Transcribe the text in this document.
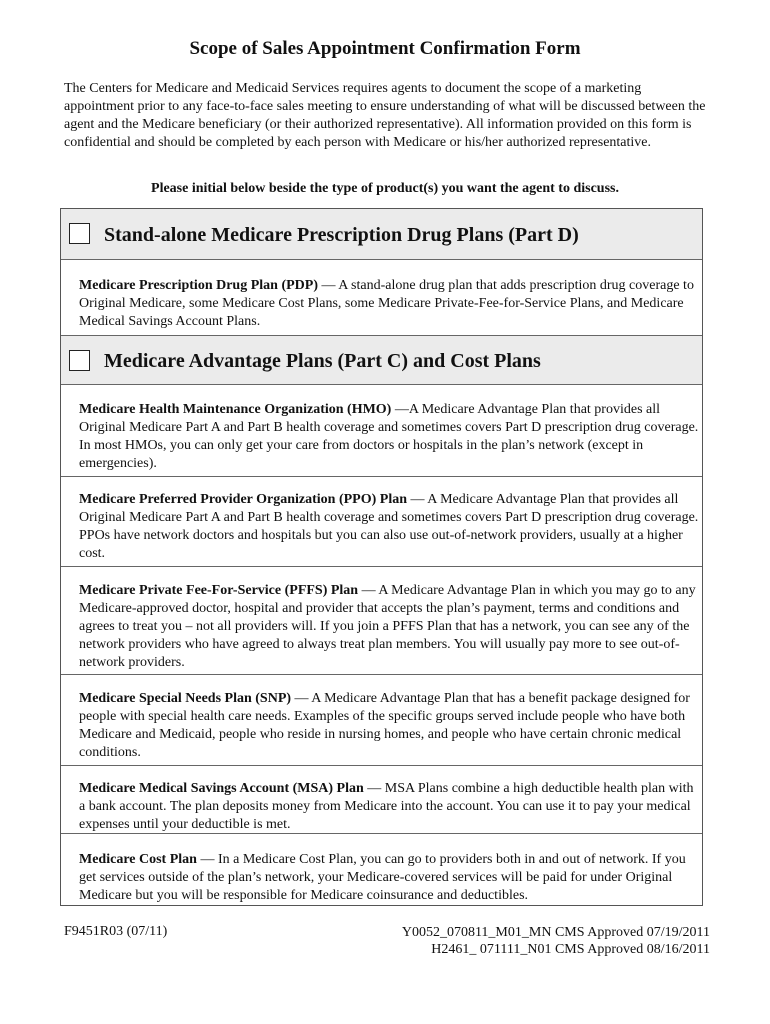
Scope of Sales Appointment Confirmation Form
The Centers for Medicare and Medicaid Services requires agents to document the scope of a marketing appointment prior to any face-to-face sales meeting to ensure understanding of what will be discussed between the agent and the Medicare beneficiary (or their authorized representative). All information provided on this form is confidential and should be completed by each person with Medicare or his/her authorized representative.
Please initial below beside the type of product(s) you want the agent to discuss.
Stand-alone Medicare Prescription Drug Plans (Part D)
Medicare Prescription Drug Plan (PDP) — A stand-alone drug plan that adds prescription drug coverage to Original Medicare, some Medicare Cost Plans, some Medicare Private-Fee-for-Service Plans, and Medicare Medical Savings Account Plans.
Medicare Advantage Plans (Part C) and Cost Plans
Medicare Health Maintenance Organization (HMO) —A Medicare Advantage Plan that provides all Original Medicare Part A and Part B health coverage and sometimes covers Part D prescription drug coverage. In most HMOs, you can only get your care from doctors or hospitals in the plan’s network (except in emergencies).
Medicare Preferred Provider Organization (PPO) Plan — A Medicare Advantage Plan that provides all Original Medicare Part A and Part B health coverage and sometimes covers Part D prescription drug coverage. PPOs have network doctors and hospitals but you can also use out-of-network providers, usually at a higher cost.
Medicare Private Fee-For-Service (PFFS) Plan — A Medicare Advantage Plan in which you may go to any Medicare-approved doctor, hospital and provider that accepts the plan’s payment, terms and conditions and agrees to treat you – not all providers will. If you join a PFFS Plan that has a network, you can see any of the network providers who have agreed to always treat plan members. You will usually pay more to see out-of-network providers.
Medicare Special Needs Plan (SNP) — A Medicare Advantage Plan that has a benefit package designed for people with special health care needs. Examples of the specific groups served include people who have both Medicare and Medicaid, people who reside in nursing homes, and people who have certain chronic medical conditions.
Medicare Medical Savings Account (MSA) Plan — MSA Plans combine a high deductible health plan with a bank account. The plan deposits money from Medicare into the account. You can use it to pay your medical expenses until your deductible is met.
Medicare Cost Plan — In a Medicare Cost Plan, you can go to providers both in and out of network. If you get services outside of the plan’s network, your Medicare-covered services will be paid for under Original Medicare but you will be responsible for Medicare coinsurance and deductibles.
F9451R03 (07/11)	Y0052_070811_M01_MN CMS Approved 07/19/2011
H2461_ 071111_N01 CMS Approved 08/16/2011
